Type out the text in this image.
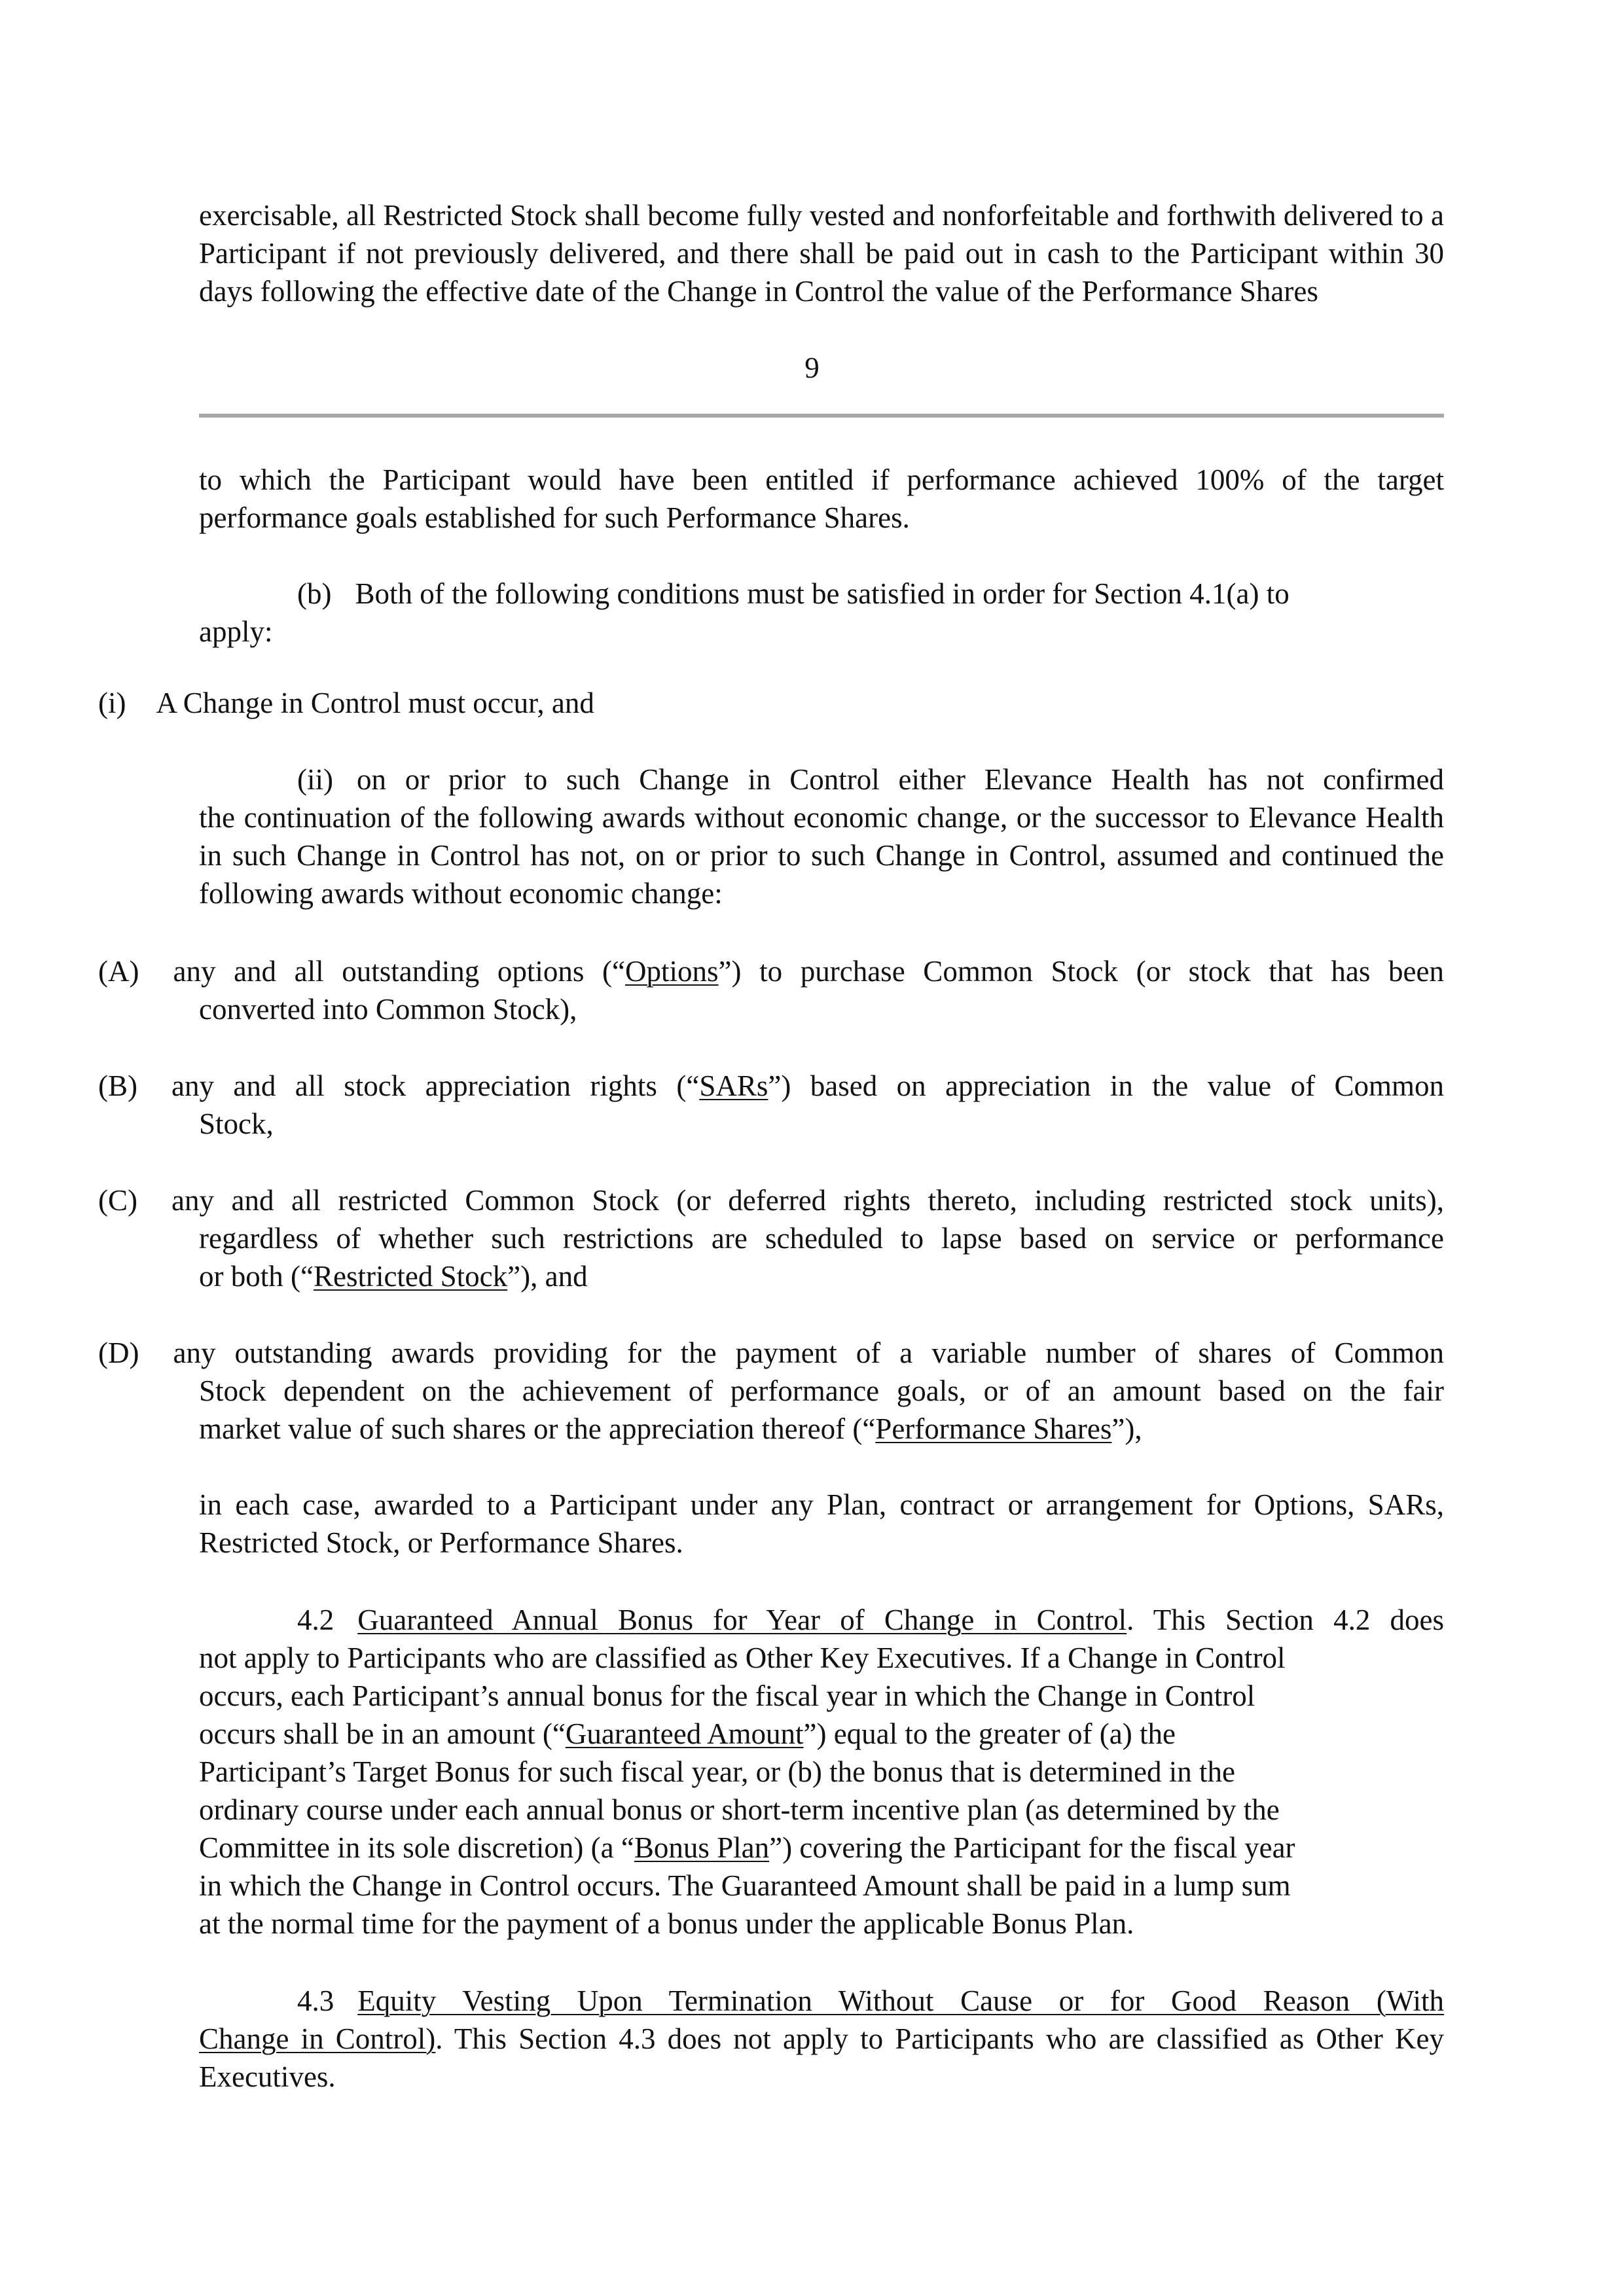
exercisable, all Restricted Stock shall become fully vested and nonforfeitable and forthwith delivered to a Participant if not previously delivered, and there shall be paid out in cash to the Participant within 30 days following the effective date of the Change in Control the value of the Performance Shares

9

to which the Participant would have been entitled if performance achieved 100% of the target performance goals established for such Performance Shares.

(b) Both of the following conditions must be satisfied in order for Section 4.1(a) to
apply:
(i) A Change in Control must occur, and
(ii) on or prior to such Change in Control either Elevance Health has not confirmed
the continuation of the following awards without economic change, or the successor to Elevance Health in such Change in Control has not, on or prior to such Change in Control, assumed and continued the following awards without economic change:
(A) any and all outstanding options (“Options”) to purchase Common Stock (or stock that has been
converted into Common Stock),
(B) any and all stock appreciation rights (“SARs”) based on appreciation in the value of Common
Stock,
(C) any and all restricted Common Stock (or deferred rights thereto, including restricted stock units),
regardless of whether such restrictions are scheduled to lapse based on service or performance
or both (“Restricted Stock”), and
(D) any outstanding awards providing for the payment of a variable number of shares of Common
Stock dependent on the achievement of performance goals, or of an amount based on the fair
market value of such shares or the appreciation thereof (“Performance Shares”),

in each case, awarded to a Participant under any Plan, contract or arrangement for Options, SARs, Restricted Stock, or Performance Shares.

4.2 Guaranteed Annual Bonus for Year of Change in Control. This Section 4.2 does
not apply to Participants who are classified as Other Key Executives. If a Change in Control
occurs, each Participant’s annual bonus for the fiscal year in which the Change in Control
occurs shall be in an amount (“Guaranteed Amount”) equal to the greater of (a) the
Participant’s Target Bonus for such fiscal year, or (b) the bonus that is determined in the
ordinary course under each annual bonus or short-term incentive plan (as determined by the
Committee in its sole discretion) (a “Bonus Plan”) covering the Participant for the fiscal year
in which the Change in Control occurs. The Guaranteed Amount shall be paid in a lump sum
at the normal time for the payment of a bonus under the applicable Bonus Plan.
4.3 Equity Vesting Upon Termination Without Cause or for Good Reason (With
Change in Control). This Section 4.3 does not apply to Participants who are classified as Other Key Executives.
